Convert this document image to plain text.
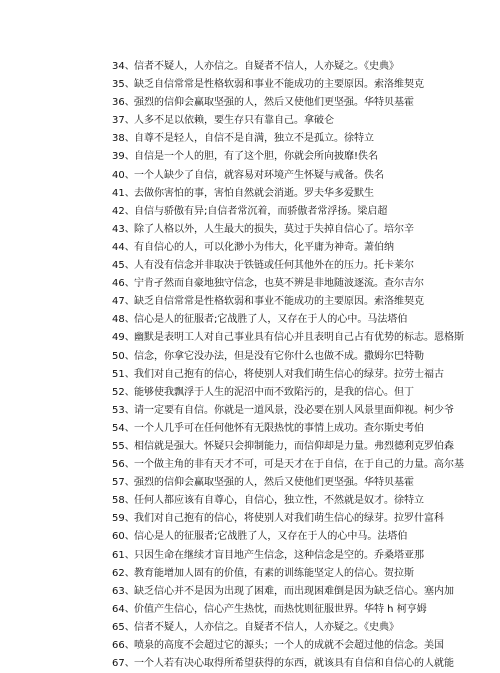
34、信者不疑人，人亦信之。自疑者不信人，人亦疑之。《史典》
35、缺乏自信常常是性格软弱和事业不能成功的主要原因。索洛维契克
36、强烈的信仰会赢取坚强的人，然后又使他们更坚强。华特贝基霍
37、人多不足以依赖，要生存只有靠自己。拿破仑
38、自尊不是轻人，自信不是自满，独立不是孤立。徐特立
39、自信是一个人的胆，有了这个胆，你就会所向披靡!佚名
40、一个人缺少了自信，就容易对环境产生怀疑与戒备。佚名
41、去做你害怕的事，害怕自然就会消逝。罗夫华多爱默生
42、自信与骄傲有异;自信者常沉着，而骄傲者常浮扬。梁启超
43、除了人格以外，人生最大的损失，莫过于失掉自信心了。培尔辛
44、有自信心的人，可以化渺小为伟大，化平庸为神奇。萧伯纳
45、人有没有信念并非取决于铁链或任何其他外在的压力。托卡莱尔
46、宁肯孑然而自豪地独守信念，也莫不辨是非地随波逐流。查尔吉尔
47、缺乏自信常常是性格软弱和事业不能成功的主要原因。索洛维契克
48、信心是人的征服者;它战胜了人，又存在于人的心中。马法塔伯
49、幽默是表明工人对自己事业具有信心并且表明自己占有优势的标志。恩格斯
50、信念，你拿它没办法，但是没有它你什么也做不成。撒姆尔巴特勒
51、我们对自己抱有的信心，将使别人对我们萌生信心的绿芽。拉劳士福古
52、能够使我飘浮于人生的泥沼中而不致陷污的，是我的信心。但丁
53、请一定要有自信。你就是一道风景，没必要在别人风景里面仰视。柯少爷
54、一个人几乎可在任何他怀有无限热忱的事情上成功。查尔斯史考伯
55、相信就是强大。怀疑只会抑制能力，而信仰却是力量。弗烈德利克罗伯森
56、一个做主角的非有天才不可，可是天才在于自信，在于自己的力量。高尔基
57、强烈的信仰会赢取坚强的人，然后又使他们更坚强。华特贝基霍
58、任何人都应该有自尊心，自信心，独立性，不然就是奴才。徐特立
59、我们对自己抱有的信心，将使别人对我们萌生信心的绿芽。拉罗什富科
60、信心是人的征服者;它战胜了人，又存在于人的心中马。法塔伯
61、只因生命在继续才盲目地产生信念，这种信念是空的。乔桑塔亚那
62、教育能增加人固有的价值，有素的训练能坚定人的信心。贺拉斯
63、缺乏信心并不是因为出现了困难，而出现困难倒是因为缺乏信心。塞内加
64、价值产生信心，信心产生热忱，而热忱则征服世界。华特 h 柯亨姆
65、信者不疑人，人亦信之。自疑者不信人，人亦疑之。《史典》
66、喷泉的高度不会超过它的源头；一个人的成就不会超过他的信念。美国
67、一个人若有决心取得所希望获得的东西，就该具有自信和自信心的人就能
